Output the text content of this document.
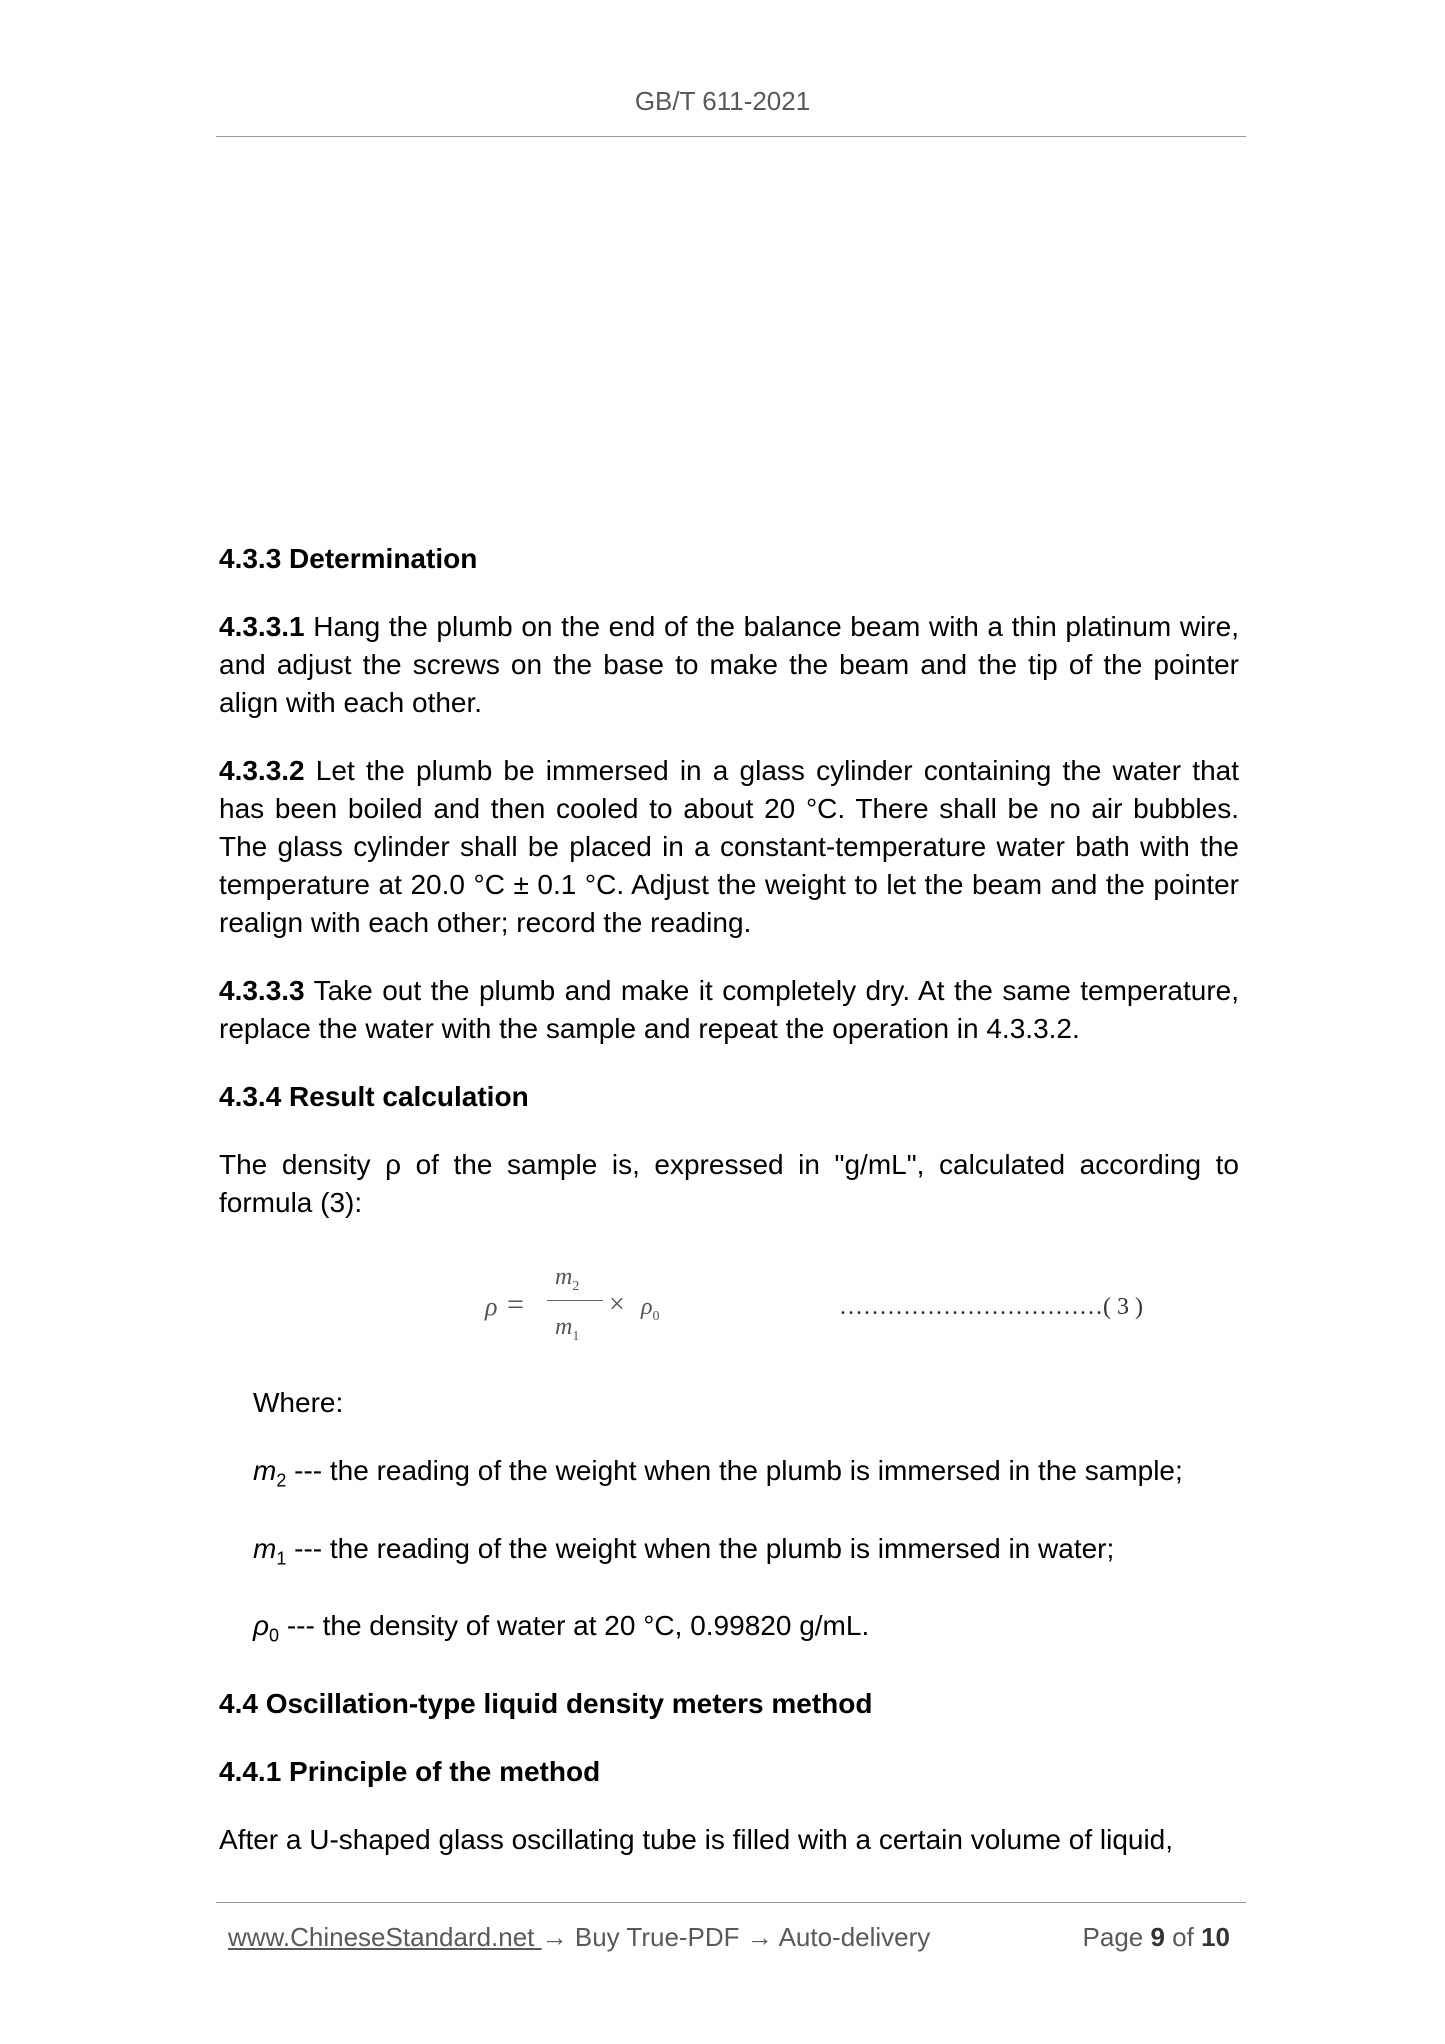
GB/T 611-2021

4.3.3 Determination

4.3.3.1 Hang the plumb on the end of the balance beam with a thin platinum wire, and adjust the screws on the base to make the beam and the tip of the pointer align with each other.

4.3.3.2 Let the plumb be immersed in a glass cylinder containing the water that has been boiled and then cooled to about 20 °C. There shall be no air bubbles. The glass cylinder shall be placed in a constant-temperature water bath with the temperature at 20.0 °C ± 0.1 °C. Adjust the weight to let the beam and the pointer realign with each other; record the reading.

4.3.3.3 Take out the plumb and make it completely dry. At the same temperature, replace the water with the sample and repeat the operation in 4.3.3.2.

4.3.4 Result calculation

The density ρ of the sample is, expressed in "g/mL", calculated according to formula (3):

ρ =
$m_2$
$m_1$
× $\rho_0$	……………………………( 3 )

Where:

$m_2$ --- the reading of the weight when the plumb is immersed in the sample;

$m_1$ --- the reading of the weight when the plumb is immersed in water;

$\rho_0$ --- the density of water at 20 °C, 0.99820 g/mL.

4.4 Oscillation-type liquid density meters method

4.4.1 Principle of the method

After a U-shaped glass oscillating tube is filled with a certain volume of liquid,

www.ChineseStandard.net → Buy True-PDF → Auto-delivery	Page 9 of 10
